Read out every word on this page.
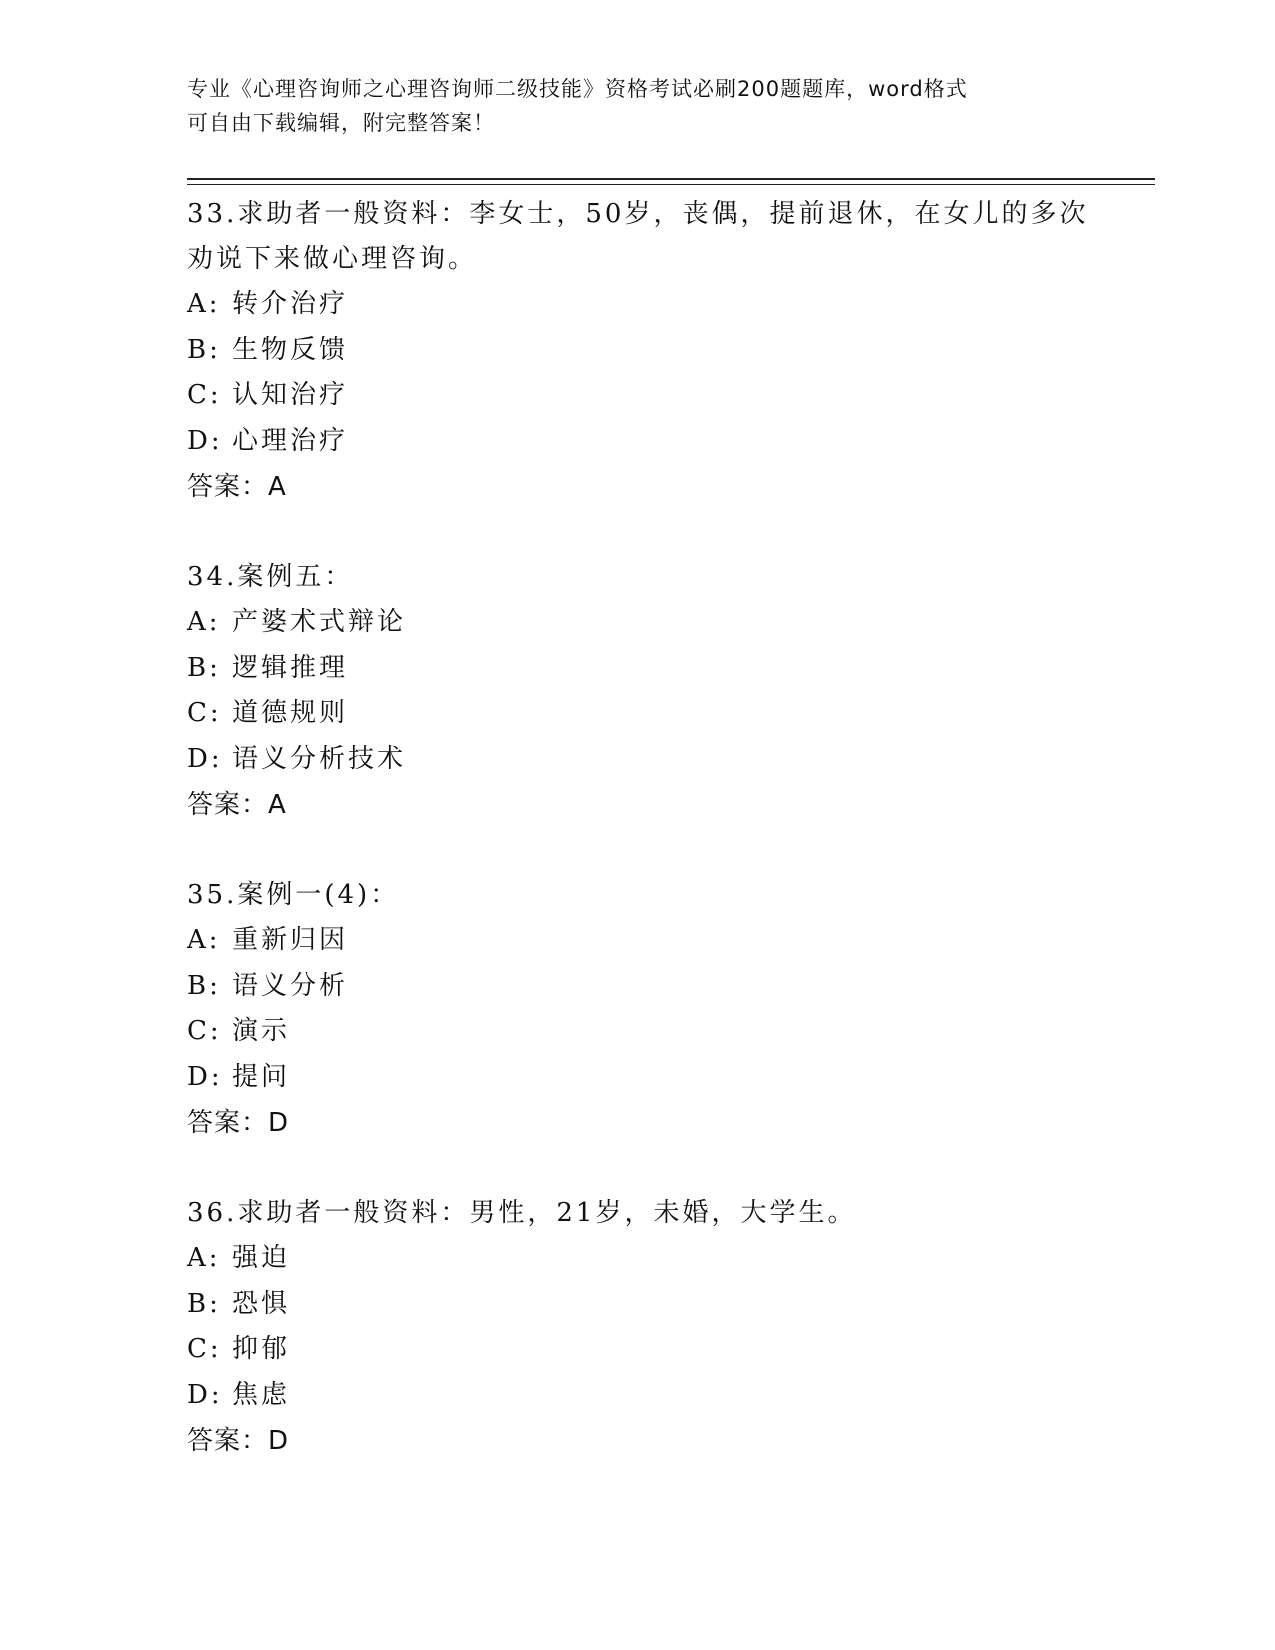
专业《心理咨询师之心理咨询师二级技能》资格考试必刷200题题库，word格式
可自由下载编辑，附完整答案！

33.求助者一般资料：李女士，50岁，丧偶，提前退休，在女儿的多次劝说下来做心理咨询。

A: 转介治疗
B: 生物反馈
C: 认知治疗
D: 心理治疗
答案：A

34.案例五：

A: 产婆术式辩论
B: 逻辑推理
C: 道德规则
D: 语义分析技术
答案：A

35.案例一(4)：

A: 重新归因
B: 语义分析
C: 演示
D: 提问
答案：D

36.求助者一般资料：男性，21岁，未婚，大学生。

A: 强迫
B: 恐惧
C: 抑郁
D: 焦虑
答案：D
